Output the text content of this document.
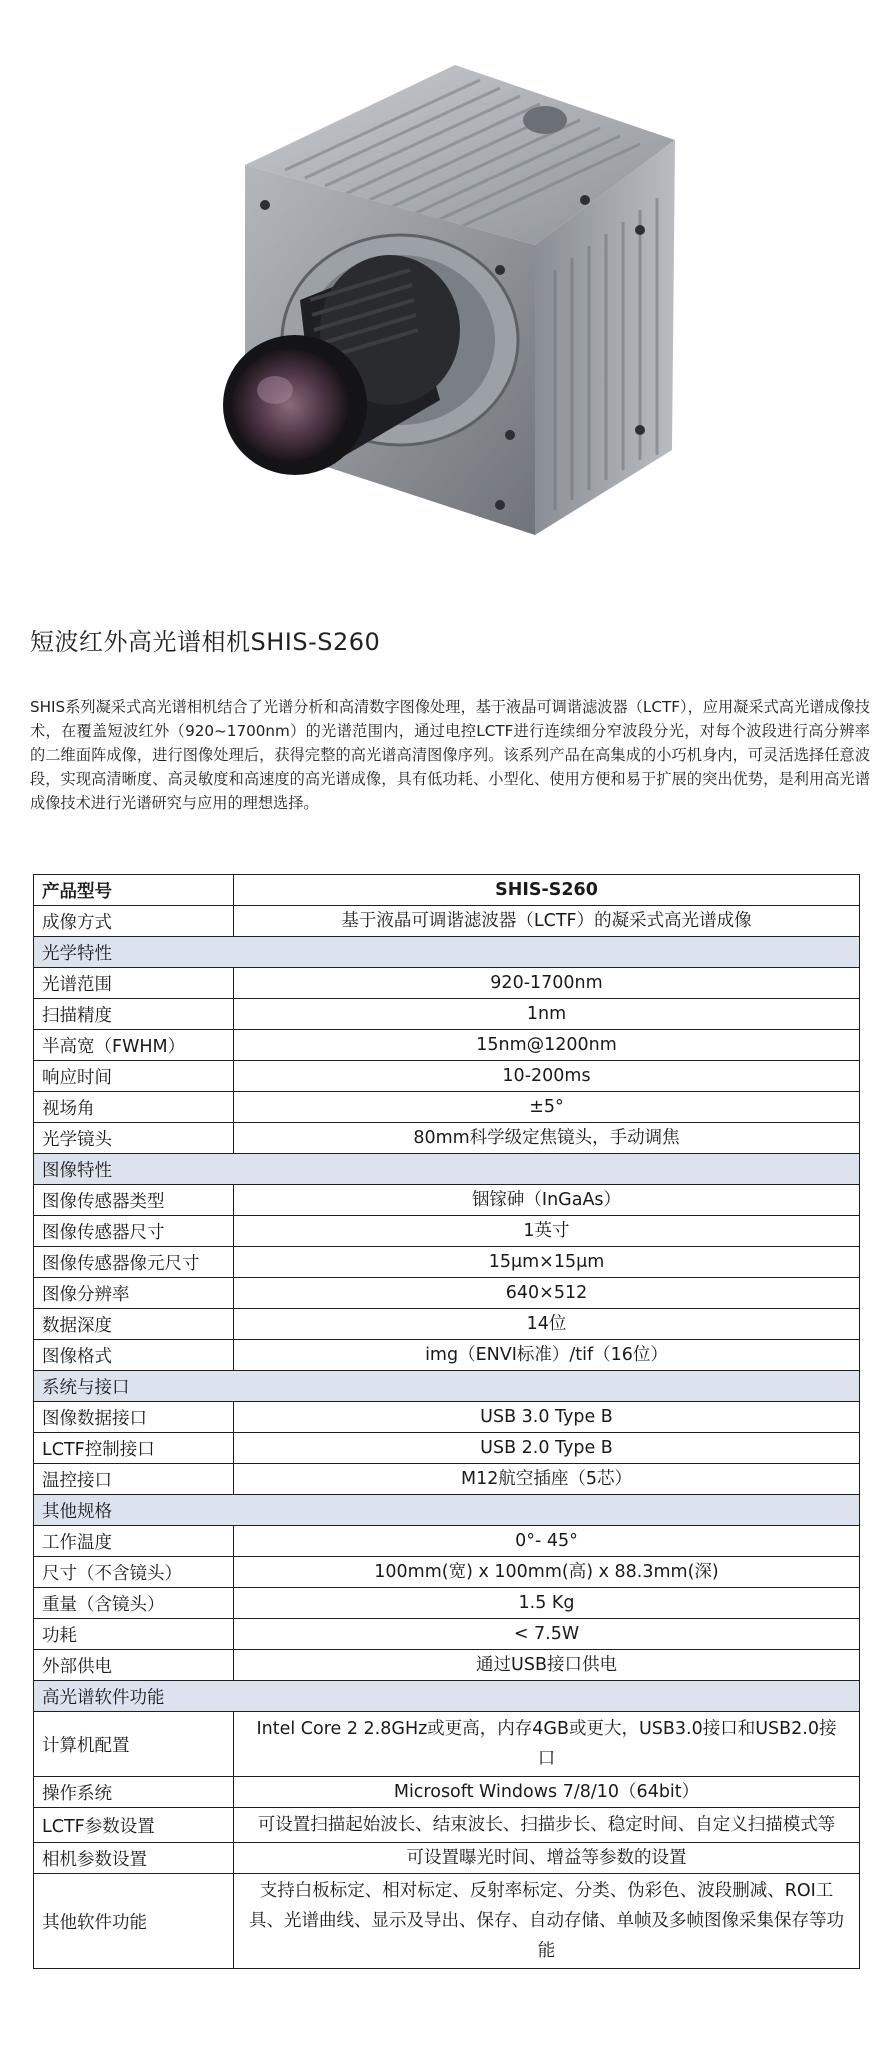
短波红外高光谱相机SHIS-S260

SHIS系列凝采式高光谱相机结合了光谱分析和高清数字图像处理，基于液晶可调谐滤波器（LCTF），应用凝采式高光谱成像技术，在覆盖短波红外（920~1700nm）的光谱范围内，通过电控LCTF进行连续细分窄波段分光，对每个波段进行高分辨率的二维面阵成像，进行图像处理后，获得完整的高光谱高清图像序列。该系列产品在高集成的小巧机身内，可灵活选择任意波段，实现高清晰度、高灵敏度和高速度的高光谱成像，具有低功耗、小型化、使用方便和易于扩展的突出优势，是利用高光谱成像技术进行光谱研究与应用的理想选择。

产品型号	SHIS-S260
成像方式	基于液晶可调谐滤波器（LCTF）的凝采式高光谱成像
光学特性	
光谱范围	920-1700nm
扫描精度	1nm
半高宽（FWHM）	15nm@1200nm
响应时间	10-200ms
视场角	±5°
光学镜头	80mm科学级定焦镜头，手动调焦
图像特性	
图像传感器类型	铟镓砷（InGaAs）
图像传感器尺寸	1英寸
图像传感器像元尺寸	15μm×15μm
图像分辨率	640×512
数据深度	14位
图像格式	img（ENVI标准）/tif（16位）
系统与接口	
图像数据接口	USB 3.0 Type B
LCTF控制接口	USB 2.0 Type B
温控接口	M12航空插座（5芯）
其他规格	
工作温度	0°- 45°
尺寸（不含镜头）	100mm(宽) x 100mm(高) x 88.3mm(深)
重量（含镜头）	1.5 Kg
功耗	< 7.5W
外部供电	通过USB接口供电
高光谱软件功能	
计算机配置	Intel Core 2 2.8GHz或更高，内存4GB或更大，USB3.0接口和USB2.0接口
操作系统	Microsoft Windows 7/8/10（64bit）
LCTF参数设置	可设置扫描起始波长、结束波长、扫描步长、稳定时间、自定义扫描模式等
相机参数设置	可设置曝光时间、增益等参数的设置
其他软件功能	支持白板标定、相对标定、反射率标定、分类、伪彩色、波段删减、ROI工具、光谱曲线、显示及导出、保存、自动存储、单帧及多帧图像采集保存等功能
